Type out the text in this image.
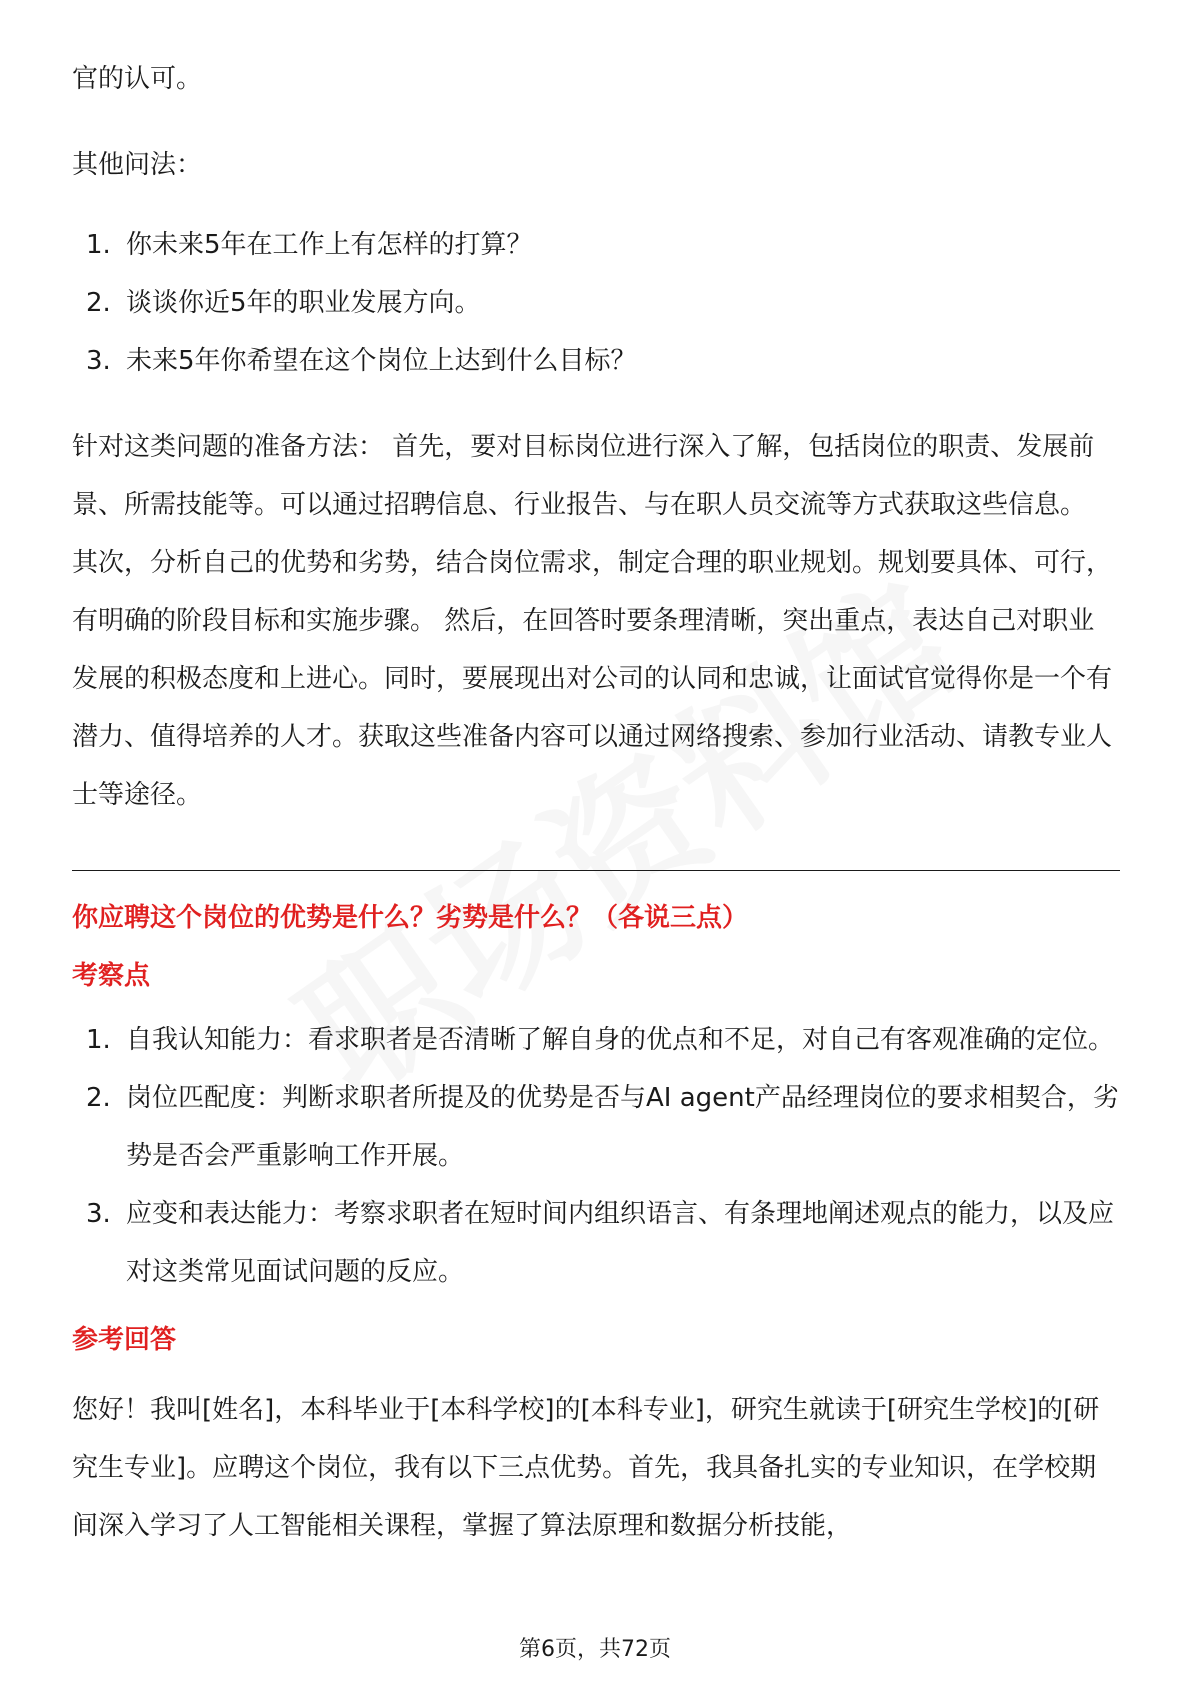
官的认可。

其他问法：

1. 你未来5年在工作上有怎样的打算？
2. 谈谈你近5年的职业发展方向。
3. 未来5年你希望在这个岗位上达到什么目标？

针对这类问题的准备方法： 首先，要对目标岗位进行深入了解，包括岗位的职责、发展前景、所需技能等。可以通过招聘信息、行业报告、与在职人员交流等方式获取这些信息。 其次，分析自己的优势和劣势，结合岗位需求，制定合理的职业规划。规划要具体、可行，有明确的阶段目标和实施步骤。 然后，在回答时要条理清晰，突出重点，表达自己对职业发展的积极态度和上进心。同时，要展现出对公司的认同和忠诚，让面试官觉得你是一个有潜力、值得培养的人才。获取这些准备内容可以通过网络搜索、参加行业活动、请教专业人士等途径。

你应聘这个岗位的优势是什么？劣势是什么？（各说三点）
考察点
1. 自我认知能力：看求职者是否清晰了解自身的优点和不足，对自己有客观准确的定位。
2. 岗位匹配度：判断求职者所提及的优势是否与AI agent产品经理岗位的要求相契合，劣势是否会严重影响工作开展。
3. 应变和表达能力：考察求职者在短时间内组织语言、有条理地阐述观点的能力，以及应对这类常见面试问题的反应。
参考回答

您好！我叫[姓名]，本科毕业于[本科学校]的[本科专业]，研究生就读于[研究生学校]的[研究生专业]。应聘这个岗位，我有以下三点优势。首先，我具备扎实的专业知识，在学校期间深入学习了人工智能相关课程，掌握了算法原理和数据分析技能，

第6页，共72页
